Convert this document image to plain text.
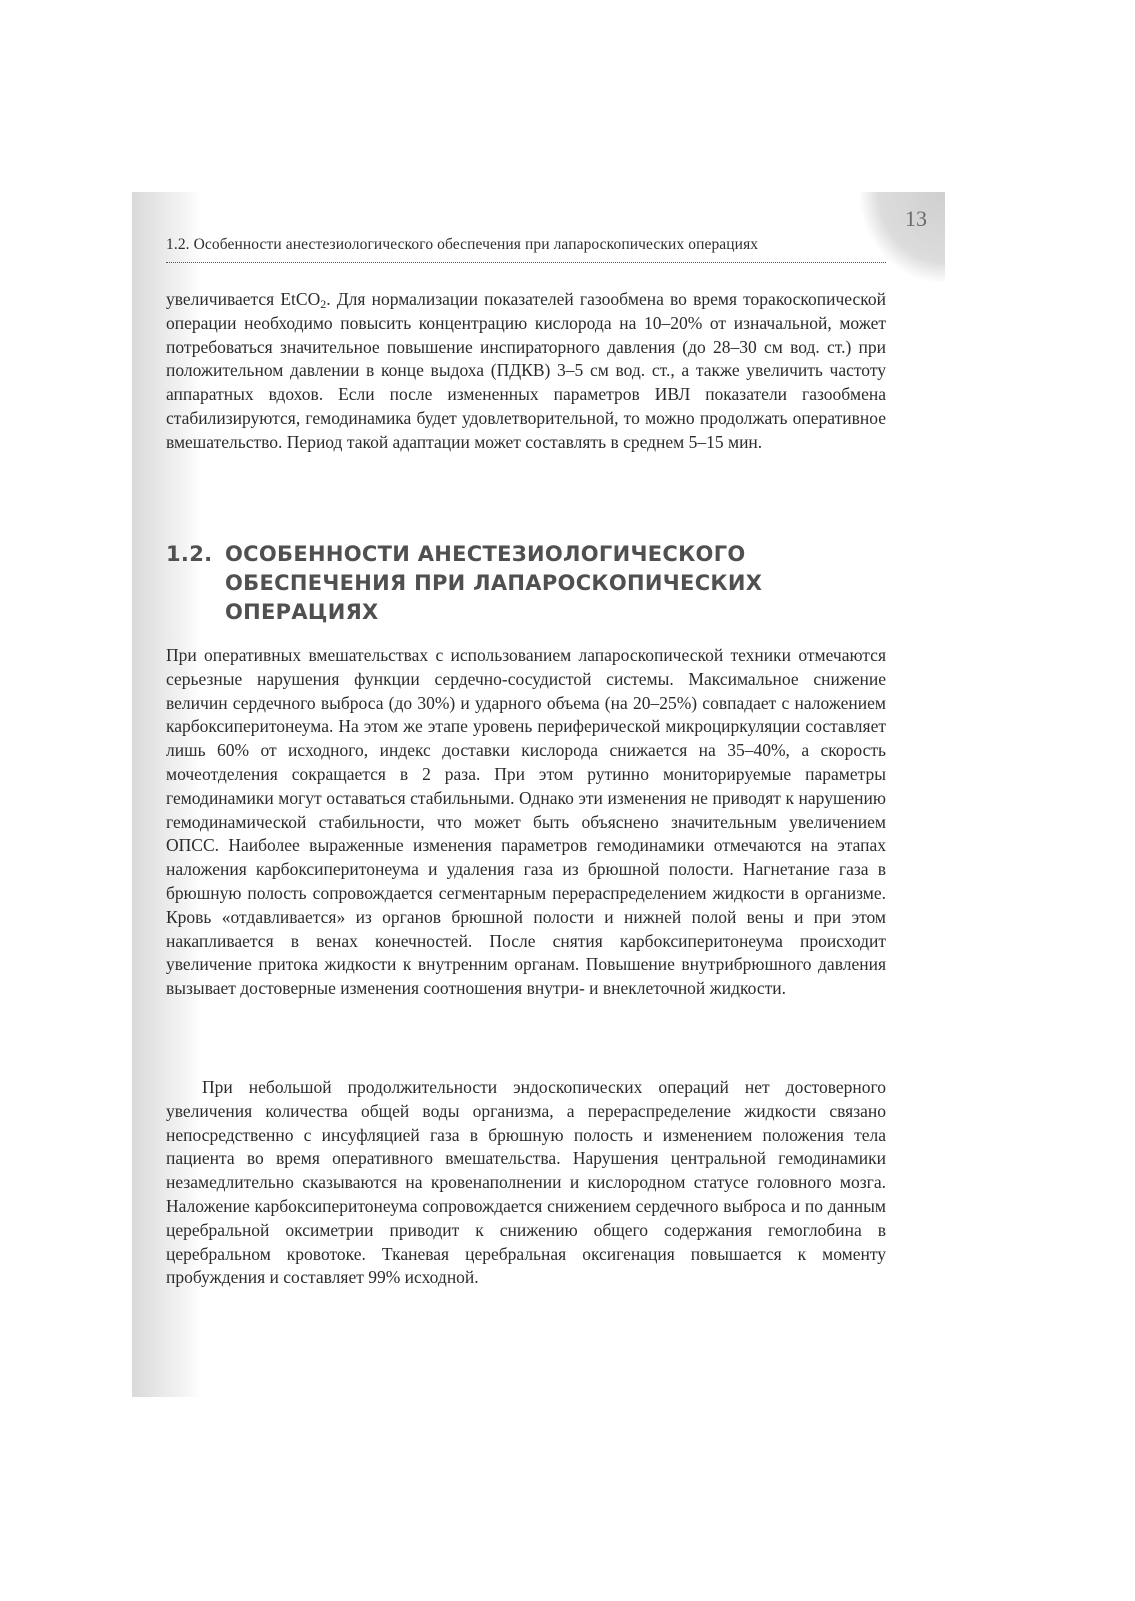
13
1.2. Особенности анестезиологического обеспечения при лапароскопических операциях

увеличивается EtCO$_2$. Для нормализации показателей газообмена во время торакоскопической операции необходимо повысить концентрацию кислорода на 10–20% от изначальной, может потребоваться значительное повышение инспираторного давления (до 28–30 см вод. ст.) при положительном давлении в конце выдоха (ПДКВ) 3–5 см вод. ст., а также увеличить частоту аппаратных вдохов. Если после измененных параметров ИВЛ показатели газообмена стабилизируются, гемодинамика будет удовлетворительной, то можно продолжать оперативное вмешательство. Период такой адаптации может составлять в среднем 5–15 мин.

1.2. ОСОБЕННОСТИ АНЕСТЕЗИОЛОГИЧЕСКОГО
ОБЕСПЕЧЕНИЯ ПРИ ЛАПАРОСКОПИЧЕСКИХ
ОПЕРАЦИЯХ

При оперативных вмешательствах с использованием лапароскопической техники отмечаются серьезные нарушения функции сердечно-сосудистой системы. Максимальное снижение величин сердечного выброса (до 30%) и ударного объема (на 20–25%) совпадает с наложением карбоксиперитонеума. На этом же этапе уровень периферической микроциркуляции составляет лишь 60% от исходного, индекс доставки кислорода снижается на 35–40%, а скорость мочеотделения сокращается в 2 раза. При этом рутинно мониторируемые параметры гемодинамики могут оставаться стабильными. Однако эти изменения не приводят к нарушению гемодинамической стабильности, что может быть объяснено значительным увеличением ОПСС. Наиболее выраженные изменения параметров гемодинамики отмечаются на этапах наложения карбоксиперитонеума и удаления газа из брюшной полости. Нагнетание газа в брюшную полость сопровождается сегментарным перераспределением жидкости в организме. Кровь «отдавливается» из органов брюшной полости и нижней полой вены и при этом накапливается в венах конечностей. После снятия карбоксиперитонеума происходит увеличение притока жидкости к внутренним органам. Повышение внутрибрюшного давления вызывает достоверные изменения соотношения внутри- и внеклеточной жидкости.

При небольшой продолжительности эндоскопических операций нет достоверного увеличения количества общей воды организма, а перераспределение жидкости связано непосредственно с инсуфляцией газа в брюшную полость и изменением положения тела пациента во время оперативного вмешательства. Нарушения центральной гемодинамики незамедлительно сказываются на кровенаполнении и кислородном статусе головного мозга. Наложение карбоксиперитонеума сопровождается снижением сердечного выброса и по данным церебральной оксиметрии приводит к снижению общего содержания гемоглобина в церебральном кровотоке. Тканевая церебральная оксигенация повышается к моменту пробуждения и составляет 99% исходной.
